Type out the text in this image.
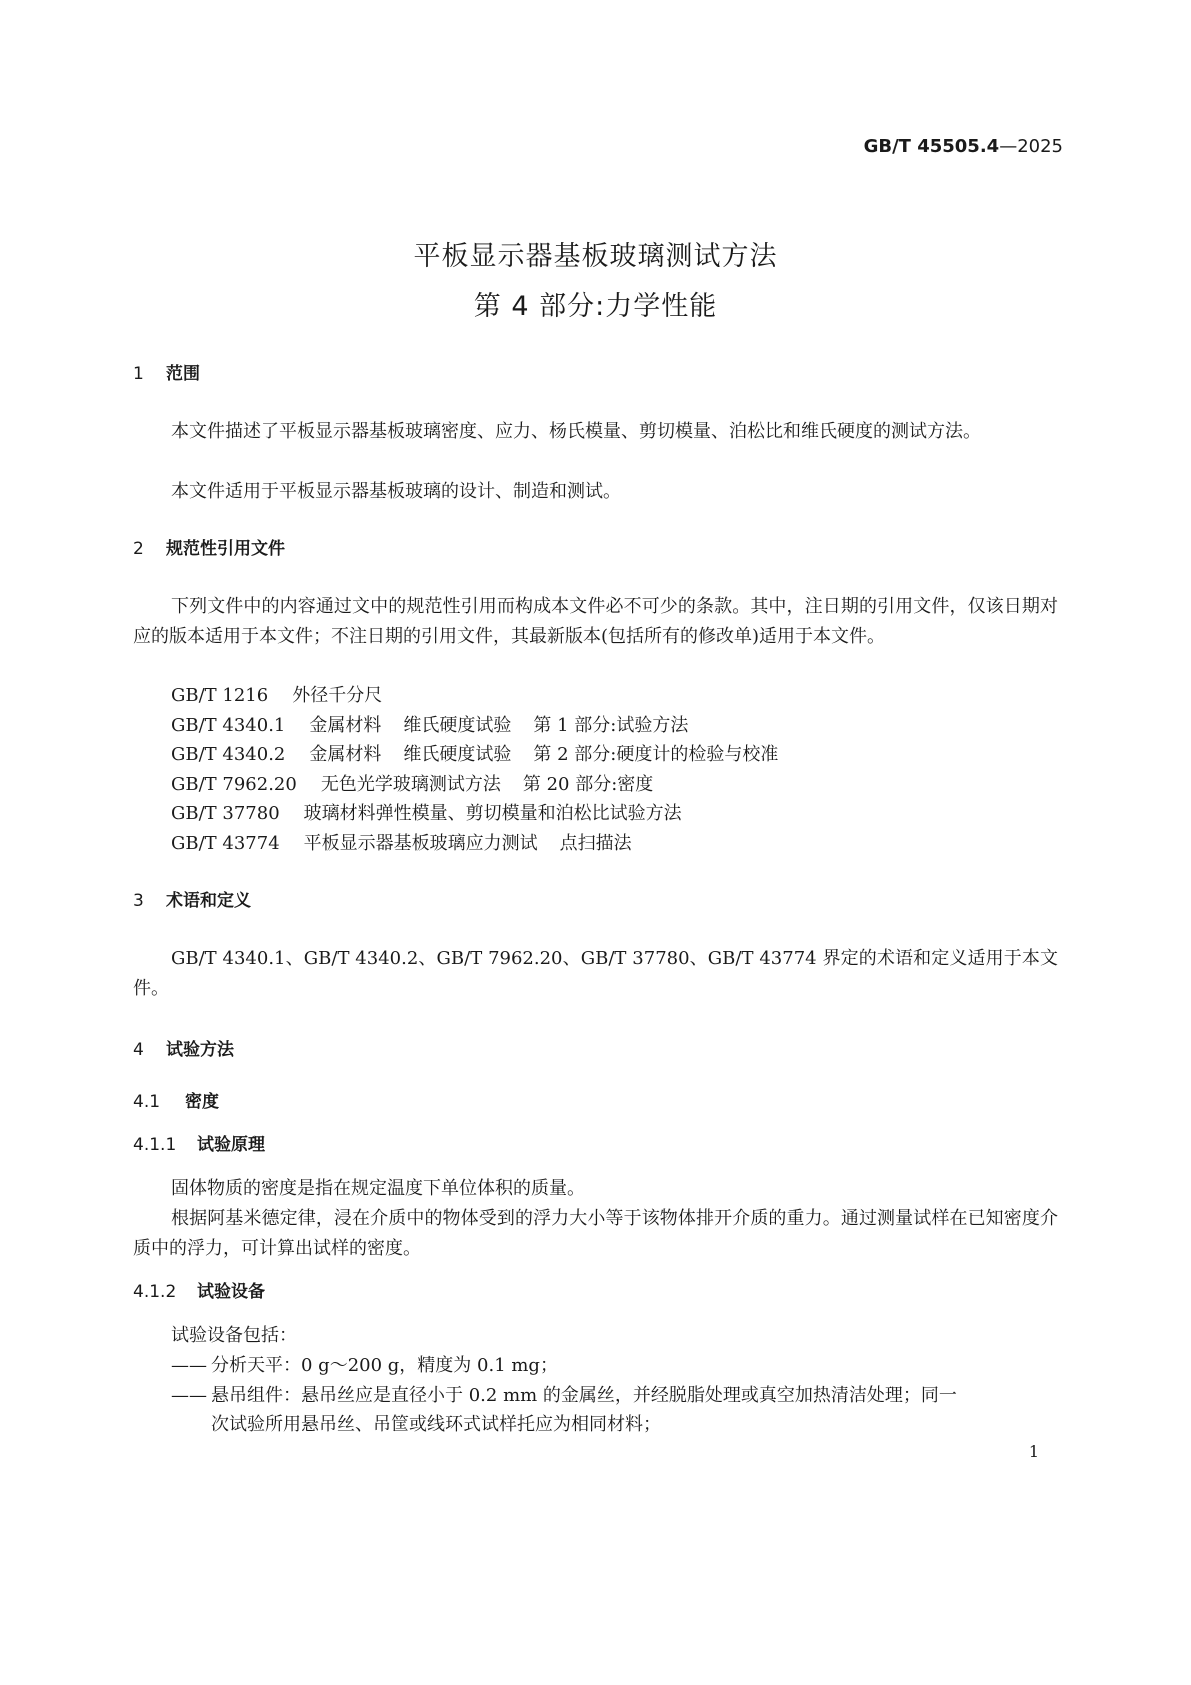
GB/T 45505.4—2025
平板显示器基板玻璃测试方法
第 4 部分:力学性能
1 范围
本文件描述了平板显示器基板玻璃密度、应力、杨氏模量、剪切模量、泊松比和维氏硬度的测试方法。
本文件适用于平板显示器基板玻璃的设计、制造和测试。
2 规范性引用文件
下列文件中的内容通过文中的规范性引用而构成本文件必不可少的条款。其中，注日期的引用文件，仅该日期对应的版本适用于本文件；不注日期的引用文件，其最新版本(包括所有的修改单)适用于本文件。
GB/T 1216 外径千分尺
GB/T 4340.1 金属材料 维氏硬度试验 第 1 部分:试验方法
GB/T 4340.2 金属材料 维氏硬度试验 第 2 部分:硬度计的检验与校准
GB/T 7962.20 无色光学玻璃测试方法 第 20 部分:密度
GB/T 37780 玻璃材料弹性模量、剪切模量和泊松比试验方法
GB/T 43774 平板显示器基板玻璃应力测试 点扫描法
3 术语和定义
GB/T 4340.1、GB/T 4340.2、GB/T 7962.20、GB/T 37780、GB/T 43774 界定的术语和定义适用于本文件。
4 试验方法
4.1 密度
4.1.1 试验原理
固体物质的密度是指在规定温度下单位体积的质量。
根据阿基米德定律，浸在介质中的物体受到的浮力大小等于该物体排开介质的重力。通过测量试样在已知密度介质中的浮力，可计算出试样的密度。
4.1.2 试验设备
试验设备包括：
—— 分析天平：0 g～200 g，精度为 0.1 mg；
—— 悬吊组件：悬吊丝应是直径小于 0.2 mm 的金属丝，并经脱脂处理或真空加热清洁处理；同一
次试验所用悬吊丝、吊筐或线环式试样托应为相同材料；
1
